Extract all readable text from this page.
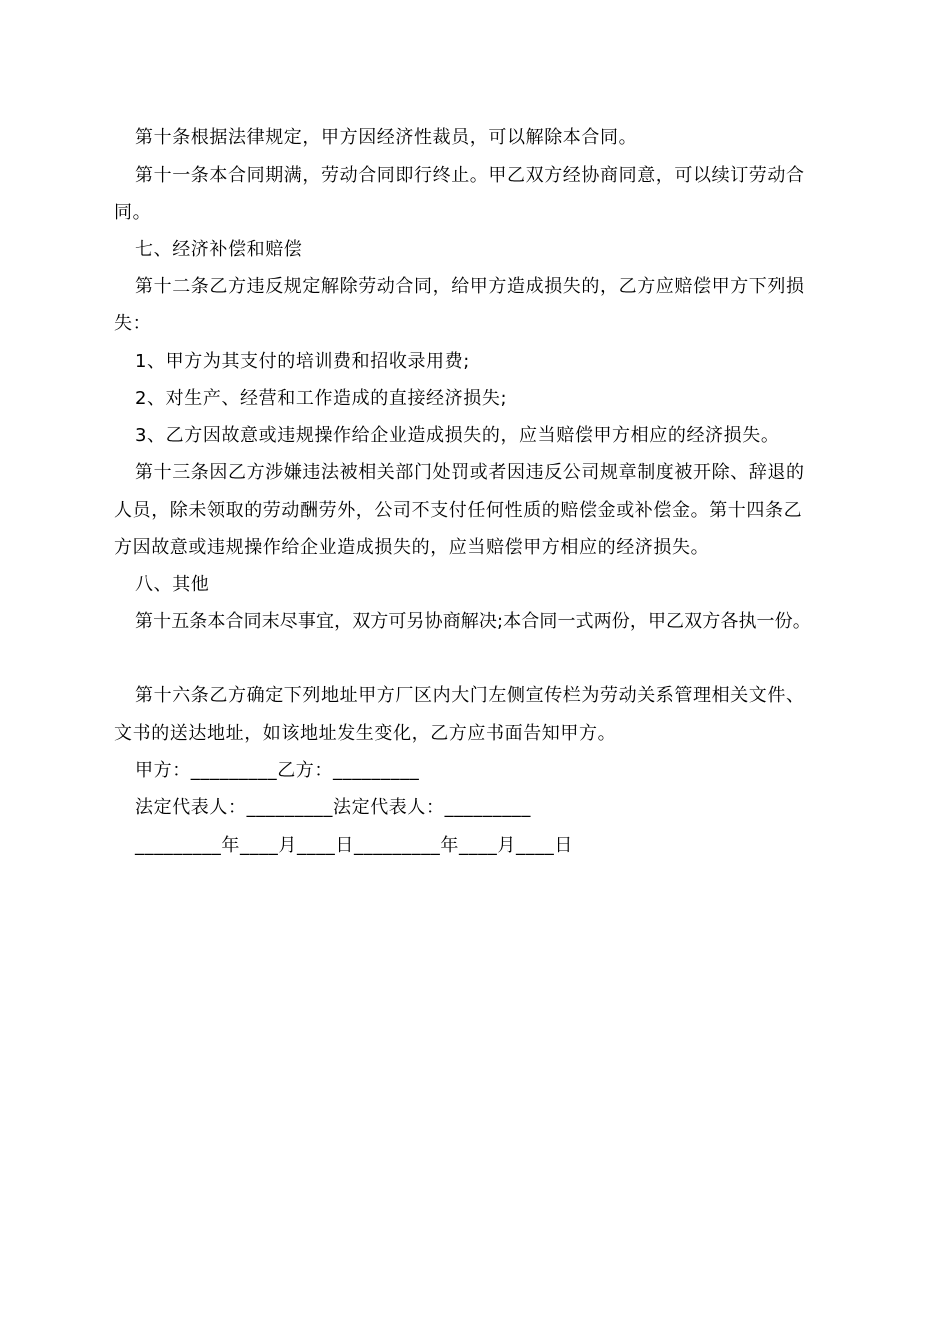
第十条根据法律规定，甲方因经济性裁员，可以解除本合同。
第十一条本合同期满，劳动合同即行终止。甲乙双方经协商同意，可以续订劳动合
同。
七、经济补偿和赔偿
第十二条乙方违反规定解除劳动合同，给甲方造成损失的，乙方应赔偿甲方下列损
失：
1、甲方为其支付的培训费和招收录用费;
2、对生产、经营和工作造成的直接经济损失;
3、乙方因故意或违规操作给企业造成损失的，应当赔偿甲方相应的经济损失。
第十三条因乙方涉嫌违法被相关部门处罚或者因违反公司规章制度被开除、辞退的
人员，除未领取的劳动酬劳外，公司不支付任何性质的赔偿金或补偿金。第十四条乙
方因故意或违规操作给企业造成损失的，应当赔偿甲方相应的经济损失。
八、其他
第十五条本合同末尽事宜，双方可另协商解决;本合同一式两份，甲乙双方各执一份。
第十六条乙方确定下列地址甲方厂区内大门左侧宣传栏为劳动关系管理相关文件、
文书的送达地址，如该地址发生变化，乙方应书面告知甲方。
甲方：_________乙方：_________
法定代表人：_________法定代表人：_________
_________年____月____日_________年____月____日
